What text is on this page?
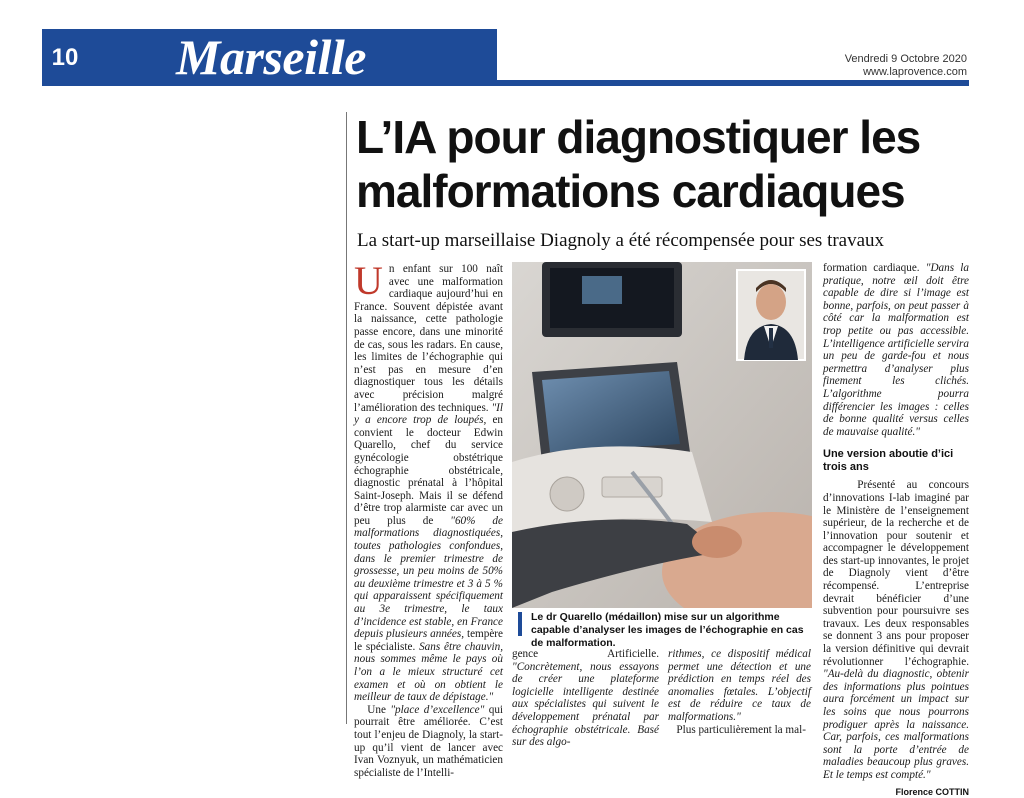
10 Marseille	Vendredi 9 Octobre 2020
www.laprovence.com
L’IA pour diagnostiquer les malformations cardiaques
La start-up marseillaise Diagnoly a été récompensée pour ses travaux

Un enfant sur 100 naît avec une malformation cardiaque aujourd’hui en France. Souvent dépistée avant la naissance, cette pathologie passe encore, dans une minorité de cas, sous les radars. En cause, les limites de l’échographie qui n’est pas en mesure d’en diagnostiquer tous les détails avec précision malgré l’amélioration des techniques. "Il y a encore trop de loupés, en convient le docteur Edwin Quarello, chef du service gynécologie obstétrique échographie obstétricale, diagnostic prénatal à l’hôpital Saint-Joseph. Mais il se défend d’être trop alarmiste car avec un peu plus de "60% de malformations diagnostiquées, toutes pathologies confondues, dans le premier trimestre de grossesse, un peu moins de 50% au deuxième trimestre et 3 à 5 % qui apparaissent spécifiquement au 3e trimestre, le taux d’incidence est stable, en France depuis plusieurs années, tempère le spécialiste. Sans être chauvin, nous sommes même le pays où l’on a le mieux structuré cet examen et où on obtient le meilleur de taux de dépistage."
Une "place d’excellence" qui pourrait être améliorée. C’est tout l’enjeu de Diagnoly, la start-up qu’il vient de lancer avec Ivan Voznyuk, un mathématicien spécialiste de l’Intelli-

Le dr Quarello (médaillon) mise sur un algorithme capable d’analyser les images de l’échographie en cas de malformation.

gence Artificielle. "Concrètement, nous essayons de créer une plateforme logicielle intelligente destinée aux spécialistes qui suivent le développement prénatal par échographie obstétricale. Basé sur des algo-

rithmes, ce dispositif médical permet une détection et une prédiction en temps réel des anomalies fœtales. L’objectif est de réduire ce taux de malformations."
Plus particulièrement la mal-

formation cardiaque. "Dans la pratique, notre œil doit être capable de dire si l’image est bonne, parfois, on peut passer à côté car la malformation est trop petite ou pas accessible. L’intelligence artificielle servira un peu de garde-fou et nous permettra d’analyser plus finement les clichés. L’algorithme pourra différencier les images : celles de bonne qualité versus celles de mauvaise qualité."

Une version aboutie d’ici trois ans

Présenté au concours d’innovations I-lab imaginé par le Ministère de l’enseignement supérieur, de la recherche et de l’innovation pour soutenir et accompagner le développement des start-up innovantes, le projet de Diagnoly vient d’être récompensé. L’entreprise devrait bénéficier d’une subvention pour poursuivre ses travaux. Les deux responsables se donnent 3 ans pour proposer la version définitive qui devrait révolutionner l’échographie. "Au-delà du diagnostic, obtenir des informations plus pointues aura forcément un impact sur les soins que nous pourrons prodiguer après la naissance. Car, parfois, ces malformations sont la porte d’entrée de maladies beaucoup plus graves. Et le temps est compté."

Florence COTTIN
